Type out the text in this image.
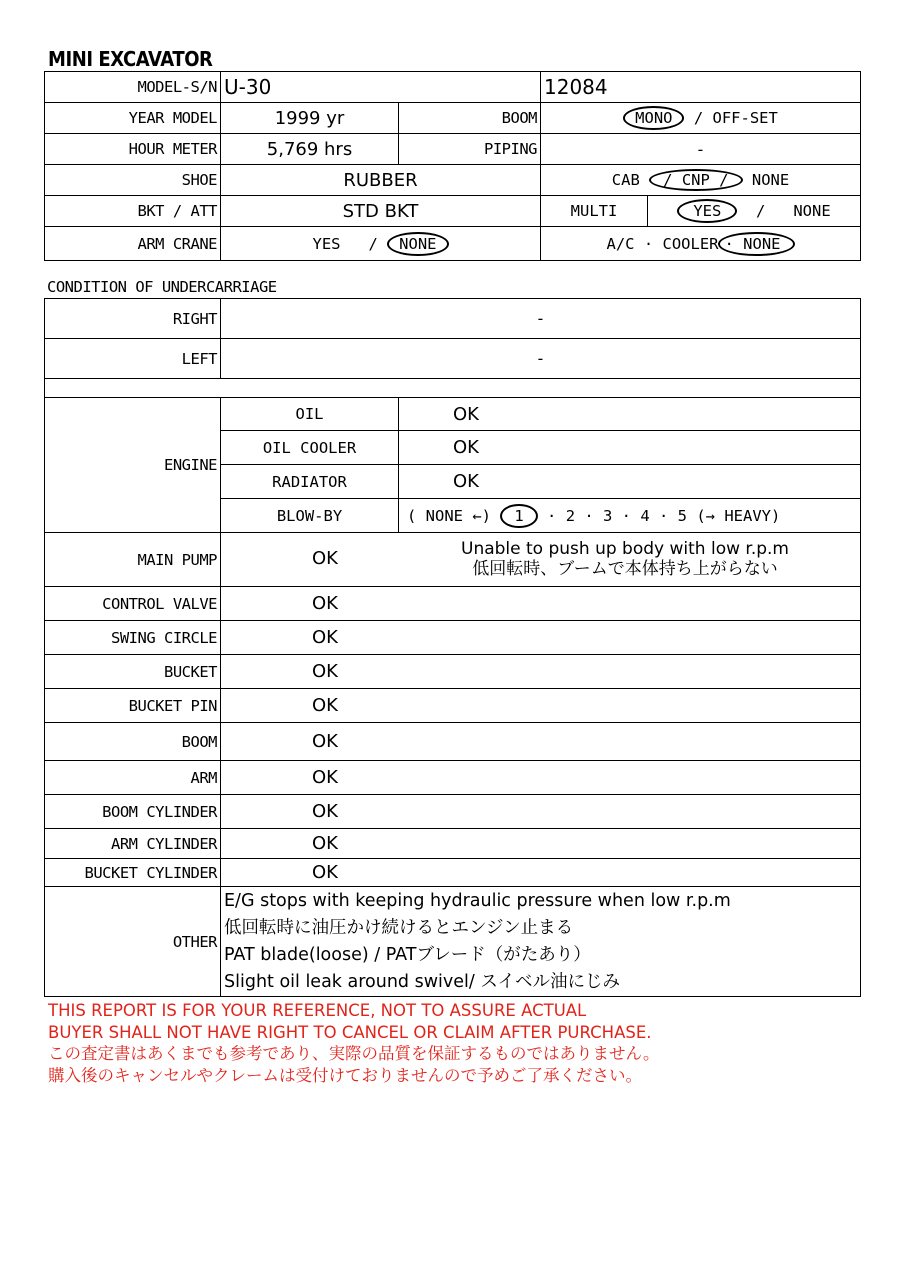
MINI EXCAVATOR
MODEL-S/N	U-30		12084	
YEAR MODEL	1999 yr	BOOM	MONO / OFF-SET	
HOUR METER	5,769 hrs	PIPING	-	
SHOE	RUBBER		CAB / CNP / NONE	
BKT / ATT	STD BKT		MULTI	YES / NONE
ARM CRANE	YES / NONE		A/C · COOLER · NONE	
CONDITION OF UNDERCARRIAGE
RIGHT	-
LEFT	-

ENGINE	OIL	OK
	OIL COOLER	OK
	RADIATOR	OK
	BLOW-BY	( NONE ←) 1 · 2 · 3 · 4 · 5 (→ HEAVY)
MAIN PUMP	OK Unable to push up body with low r.p.m
低回転時、ブームで本体持ち上がらない	

CONTROL VALVE	OK	
SWING CIRCLE	OK	
BUCKET	OK	
BUCKET PIN	OK	
BOOM	OK	
ARM	OK	
BOOM CYLINDER	OK	
ARM CYLINDER	OK	
BUCKET CYLINDER	OK	
OTHER	E/G stops with keeping hydraulic pressure when low r.p.m
低回転時に油圧かけ続けるとエンジン止まる
PAT blade(loose) / PATブレード（がたあり）
Slight oil leak around swivel/ スイベル油にじみ	
THIS REPORT IS FOR YOUR REFERENCE, NOT TO ASSURE ACTUAL
BUYER SHALL NOT HAVE RIGHT TO CANCEL OR CLAIM AFTER PURCHASE.
この査定書はあくまでも参考であり、実際の品質を保証するものではありません。
購入後のキャンセルやクレームは受付けておりませんので予めご了承ください。
